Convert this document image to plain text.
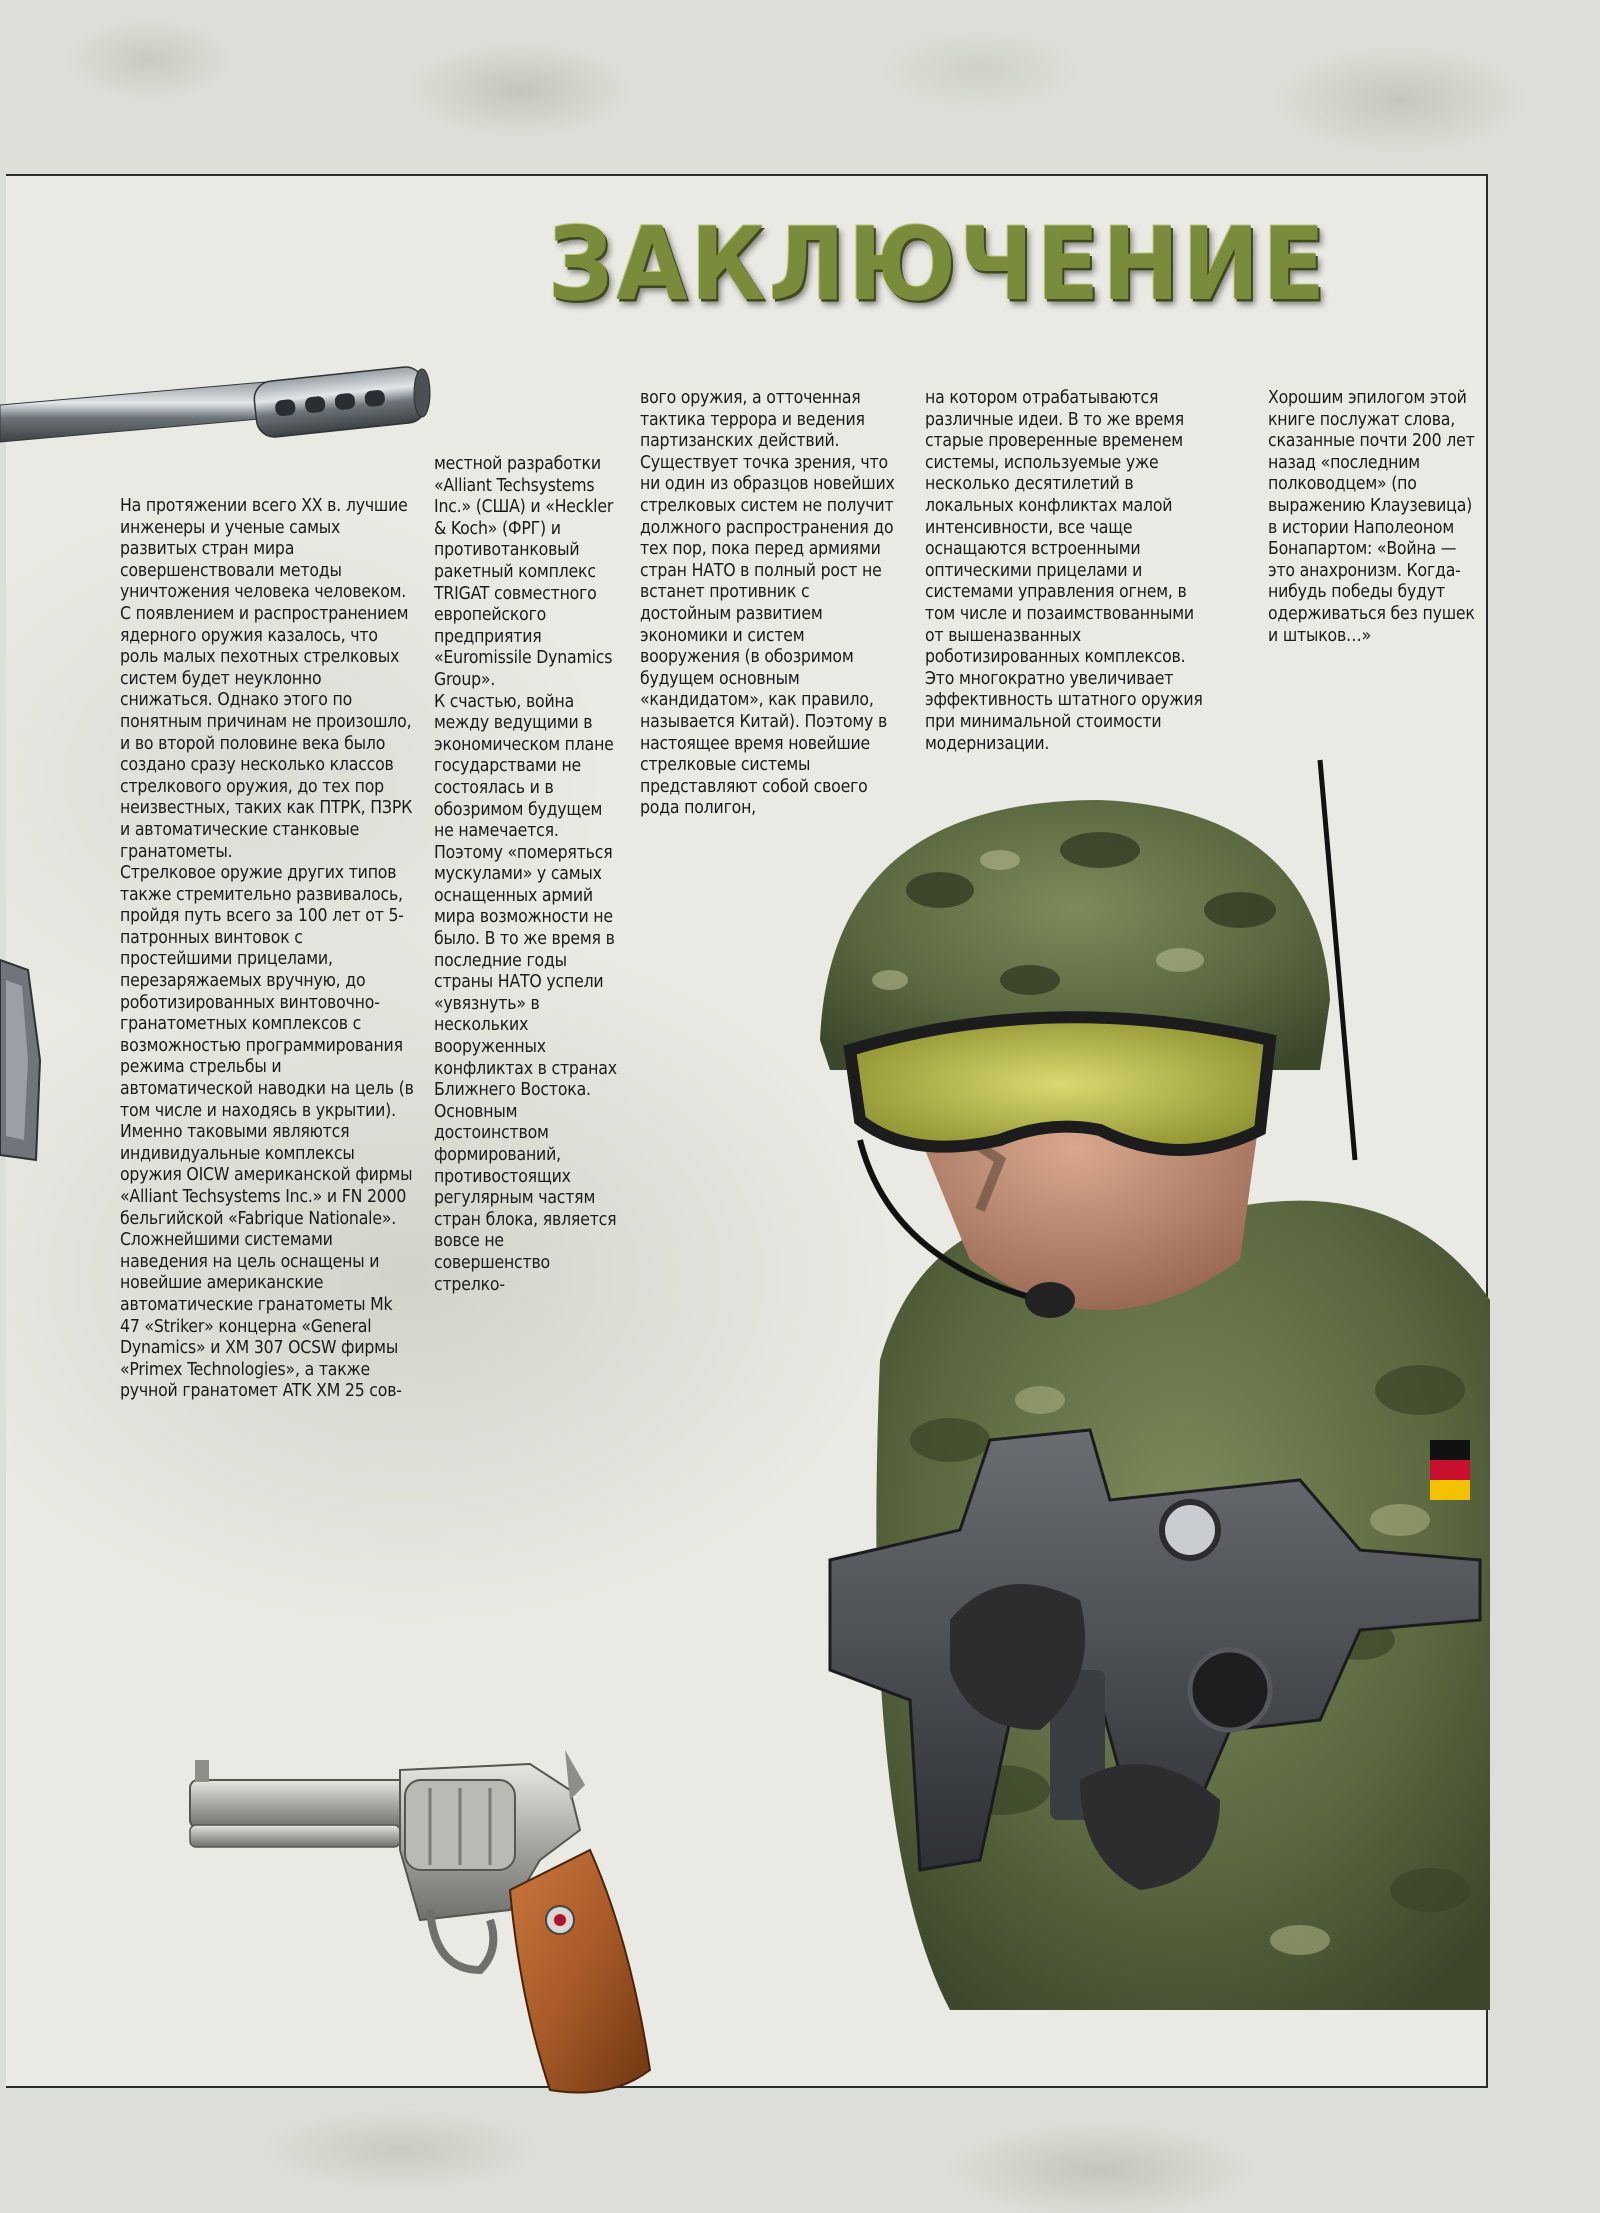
ЗАКЛЮЧЕНИЕ

На протяжении всего XX в. лучшие инженеры и ученые самых развитых стран мира совершенствовали методы уничтожения человека человеком. С появлением и распространением ядерного оружия казалось, что роль малых пехотных стрелковых систем будет неуклонно снижаться. Однако этого по понятным причинам не произошло, и во второй половине века было создано сразу несколько классов стрелкового оружия, до тех пор неизвестных, таких как ПТРК, ПЗРК и автоматические станковые гранатометы.
Стрелковое оружие других типов также стремительно развивалось, пройдя путь всего за 100 лет от 5-патронных винтовок с простейшими прицелами, перезаряжаемых вручную, до роботизированных винтовочно-гранатометных комплексов с возможностью программирования режима стрельбы и автоматической наводки на цель (в том числе и находясь в укрытии). Именно таковыми являются индивидуальные комплексы оружия OICW американской фирмы «Alliant Techsystems Inc.» и FN 2000 бельгийской «Fabrique Nationale». Сложнейшими системами наведения на цель оснащены и новейшие американские автоматические гранатометы Mk 47 «Striker» концерна «General Dynamics» и XM 307 OCSW фирмы «Primex Technologies», а также ручной гранатомет ATK XM 25 сов-

местной разработки «Alliant Techsystems Inc.» (США) и «Heckler & Koch» (ФРГ) и противотанковый ракетный комплекс TRIGAT совместного европейского предприятия «Euromissile Dynamics Group».
К счастью, война между ведущими в экономическом плане государствами не состоялась и в обозримом будущем не намечается. Поэтому «померяться мускулами» у самых оснащенных армий мира возможности не было. В то же время в последние годы страны НАТО успели «увязнуть» в нескольких вооруженных конфликтах в странах Ближнего Востока. Основным достоинством формирований, противостоящих регулярным частям стран блока, является вовсе не совершенство стрелко-

вого оружия, а отточенная тактика террора и ведения партизанских действий.
Существует точка зрения, что ни один из образцов новейших стрелковых систем не получит должного распространения до тех пор, пока перед армиями стран НАТО в полный рост не встанет противник с достойным развитием экономики и систем вооружения (в обозримом будущем основным «кандидатом», как правило, называется Китай). Поэтому в настоящее время новейшие стрелковые системы представляют собой своего рода полигон,

на котором отрабатываются различные идеи. В то же время старые проверенные временем системы, используемые уже несколько десятилетий в локальных конфликтах малой интенсивности, все чаще оснащаются встроенными оптическими прицелами и системами управления огнем, в том числе и позаимствованными от вышеназванных роботизированных комплексов. Это многократно увеличивает эффективность штатного оружия при минимальной стоимости модернизации.

Хорошим эпилогом этой книге послужат слова, сказанные почти 200 лет назад «последним полководцем» (по выражению Клаузевица) в истории Наполеоном Бонапартом: «Война — это анахронизм. Когда-нибудь победы будут одерживаться без пушек и штыков…»
